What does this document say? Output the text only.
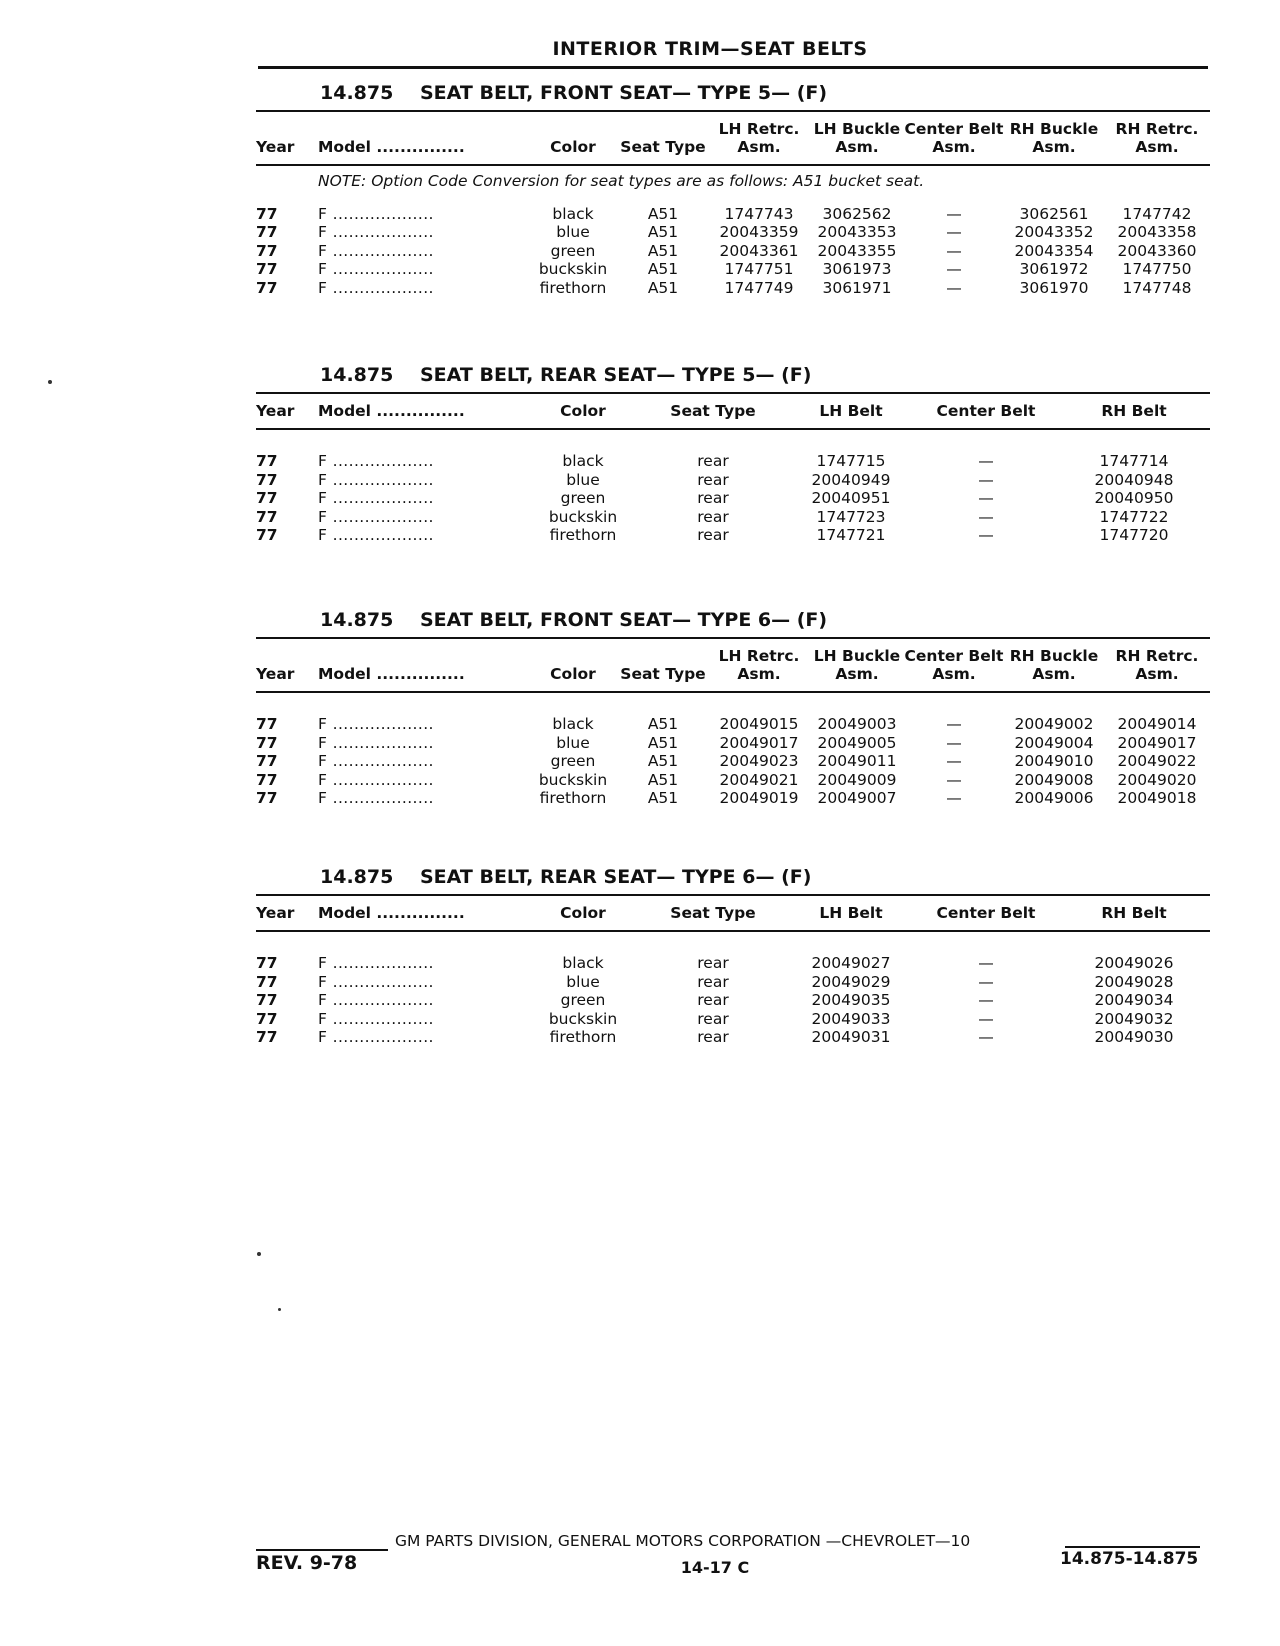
INTERIOR TRIM—SEAT BELTS
14.875 SEAT BELT, FRONT SEAT— TYPE 5— (F)
Year	Model ...............	Color	Seat Type	LH Retrc. Asm.	LH Buckle Asm.	Center Belt Asm.	RH Buckle Asm.	RH Retrc. Asm.
NOTE: Option Code Conversion for seat types are as follows: A51 bucket seat.								
77	F ...................	black	A51	1747743	3062562	—	3062561	1747742
77	F ...................	blue	A51	20043359	20043353	—	20043352	20043358
77	F ...................	green	A51	20043361	20043355	—	20043354	20043360
77	F ...................	buckskin	A51	1747751	3061973	—	3061972	1747750
77	F ...................	firethorn	A51	1747749	3061971	—	3061970	1747748
14.875 SEAT BELT, REAR SEAT— TYPE 5— (F)
Year	Model ...............	Color	Seat Type	LH Belt	Center Belt	RH Belt

77	F ...................	black	rear	1747715	—	1747714
77	F ...................	blue	rear	20040949	—	20040948
77	F ...................	green	rear	20040951	—	20040950
77	F ...................	buckskin	rear	1747723	—	1747722
77	F ...................	firethorn	rear	1747721	—	1747720
14.875 SEAT BELT, FRONT SEAT— TYPE 6— (F)
Year	Model ...............	Color	Seat Type	LH Retrc. Asm.	LH Buckle Asm.	Center Belt Asm.	RH Buckle Asm.	RH Retrc. Asm.

77	F ...................	black	A51	20049015	20049003	—	20049002	20049014
77	F ...................	blue	A51	20049017	20049005	—	20049004	20049017
77	F ...................	green	A51	20049023	20049011	—	20049010	20049022
77	F ...................	buckskin	A51	20049021	20049009	—	20049008	20049020
77	F ...................	firethorn	A51	20049019	20049007	—	20049006	20049018
14.875 SEAT BELT, REAR SEAT— TYPE 6— (F)
Year	Model ...............	Color	Seat Type	LH Belt	Center Belt	RH Belt

77	F ...................	black	rear	20049027	—	20049026
77	F ...................	blue	rear	20049029	—	20049028
77	F ...................	green	rear	20049035	—	20049034
77	F ...................	buckskin	rear	20049033	—	20049032
77	F ...................	firethorn	rear	20049031	—	20049030
GM PARTS DIVISION, GENERAL MOTORS CORPORATION —CHEVROLET—10
REV. 9-78	14-17 C	14.875-14.875
